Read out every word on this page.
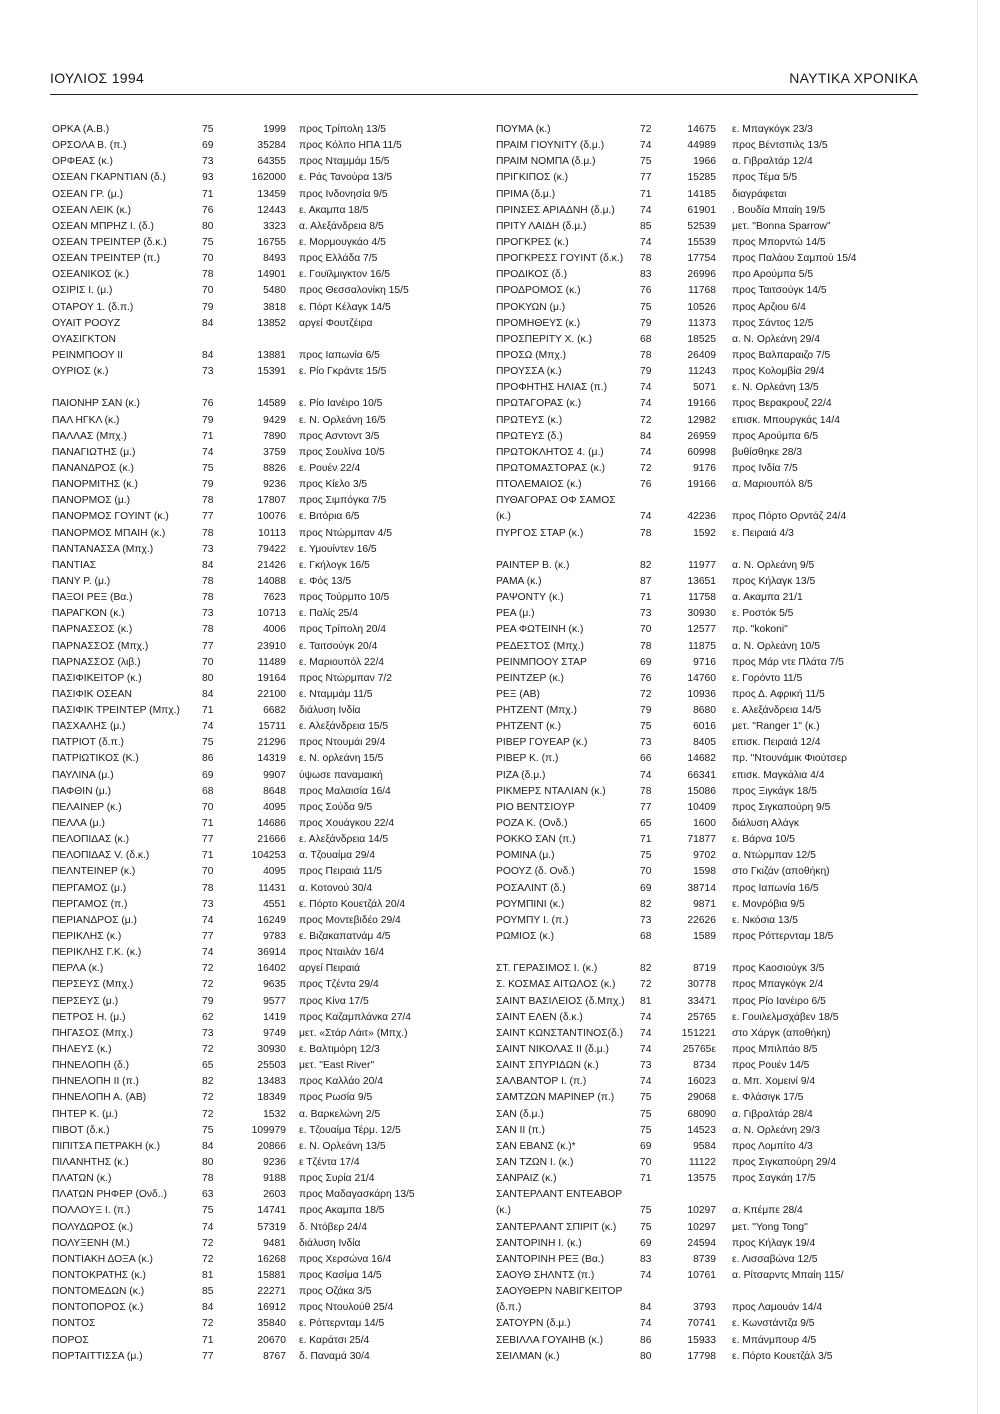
ΙΟΥΛΙΟΣ 1994	ΝΑΥΤΙΚΑ ΧΡΟΝΙΚΑ
ΟΡΚΑ (Α.Β.)	75	1999 προς Τρίπολη 13/5
ΟΡΣΟΛΑ Β. (π.)	69	35284 προς Κόλπο ΗΠΑ 11/5
ΟΡΦΕΑΣ (κ.)	73	64355 προς Νταμμάμ 15/5
ΟΣΕΑΝ ΓΚΑΡΝΤΙΑΝ (δ.)	93	162000 ε. Ράς Τανούρα 13/5
ΟΣΕΑΝ ΓΡ. (μ.)	71	13459 προς Ινδονησία 9/5
ΟΣΕΑΝ ΛΕΙΚ (κ.)	76	12443 ε. Ακαμπα 18/5
ΟΣΕΑΝ ΜΠΡΗΖ Ι. (δ.)	80	3323 α. Αλεξάνδρεια 8/5
ΟΣΕΑΝ ΤΡΕΙΝΤΕΡ (δ.κ.)	75	16755 ε. Μορμουγκάο 4/5
ΟΣΕΑΝ ΤΡΕΙΝΤΕΡ (π.)	70	8493 προς Ελλάδα 7/5
ΟΣΕΑΝΙΚΟΣ (κ.)	78	14901 ε. Γουϊλμιγκτον 16/5
ΟΣΙΡΙΣ Ι. (μ.)	70	5480 προς Θεσσαλονίκη 15/5
ΟΤΑΡΟΥ 1. (δ.π.)	79	3818 ε. Πόρτ Κέλαγκ 14/5
ΟΥΑΙΤ ΡΟΟΥΖ	84	13852 αργεί Φουτζέιρα
ΟΥΑΣΙΓΚΤΟΝ
ΡΕΙΝΜΠΟΟΥ ΙΙ	84	13881 προς Ιαπωνία 6/5
ΟΥΡΙΟΣ (κ.)	73	15391 ε. Ρίο Γκράντε 15/5
ΠΑΙΟΝΗΡ ΣΑΝ (κ.)	76	14589 ε. Ρίο Ιανέιρο 10/5
ΠΑΛ ΗΓΚΛ (κ.)	79	9429 ε. Ν. Ορλεάνη 16/5
ΠΑΛΛΑΣ (Μπχ.)	71	7890 προς Ασντοντ 3/5
ΠΑΝΑΓΙΩΤΗΣ (μ.)	74	3759 προς Σουλίνα 10/5
ΠΑΝΑΝΔΡΟΣ (κ.)	75	8826 ε. Ρουέν 22/4
ΠΑΝΟΡΜΙΤΗΣ (κ.)	79	9236 προς Κίελο 3/5
ΠΑΝΟΡΜΟΣ (μ.)	78	17807 προς Σιμπόγκα 7/5
ΠΑΝΟΡΜΟΣ ΓΟΥΙΝΤ (κ.)	77	10076 ε. Βιτόρια 6/5
ΠΑΝΟΡΜΟΣ ΜΠΑΙΗ (κ.)	78	10113 προς Ντώρμπαν 4/5
ΠΑΝΤΑΝΑΣΣΑ (Μπχ.)	73	79422 ε. Υμουίντεν 16/5
ΠΑΝΤΙΑΣ	84	21426 ε. Γκήλογκ 16/5
ΠΑΝΥ Ρ. (μ.)	78	14088 ε. Φός 13/5
ΠΑΞΟΙ ΡΕΞ (Βα.)	78	7623 προς Τούρμπο 10/5
ΠΑΡΑΓΚΟΝ (κ.)	73	10713 ε. Παλίς 25/4
ΠΑΡΝΑΣΣΟΣ (κ.)	78	4006 προς Τρίπολη 20/4
ΠΑΡΝΑΣΣΟΣ (Μπχ.)	77	23910 ε. Ταιτσούγκ 20/4
ΠΑΡΝΑΣΣΟΣ (λιβ.)	70	11489 ε. Μαριουπόλ 22/4
ΠΑΣΙΦΙΚΕΙΤΟΡ (κ.)	80	19164 προς Ντώρμπαν 7/2
ΠΑΣΙΦΙΚ ΟΣΕΑΝ	84	22100 ε. Νταμμάμ 11/5
ΠΑΣΙΦΙΚ ΤΡΕΙΝΤΕΡ (Μπχ.)	71	6682 διάλυση Ινδία
ΠΑΣΧΑΛΗΣ (μ.)	74	15711 ε. Αλεξάνδρεια 15/5
ΠΑΤΡΙΟΤ (δ.π.)	75	21296 προς Ντουμάι 29/4
ΠΑΤΡΙΩΤΙΚΟΣ (Κ.)	86	14319 ε. Ν. ορλεάνη 15/5
ΠΑΥΛΙΝΑ (μ.)	69	9907 ύψωσε παναμαική
ΠΑΦΘΙΝ (μ.)	68	8648 προς Μαλαισία 16/4
ΠΕΛΑΙΝΕΡ (κ.)	70	4095 προς Σούδα 9/5
ΠΕΛΛΑ (μ.)	71	14686 προς Χουάγκου 22/4
ΠΕΛΟΠΙΔΑΣ (κ.)	77	21666 ε. Αλεξάνδρεια 14/5
ΠΕΛΟΠΙΔΑΣ V. (δ.κ.)	71	104253 α. Τζουαίμα 29/4
ΠΕΛΝΤΕΙΝΕΡ (κ.)	70	4095 προς Πειραιά 11/5
ΠΕΡΓΑΜΟΣ (μ.)	78	11431 α. Κοτονού 30/4
ΠΕΡΓΑΜΟΣ (π.)	73	4551 ε. Πόρτο Κουετζάλ 20/4
ΠΕΡΙΑΝΔΡΟΣ (μ.)	74	16249 προς Μοντεβιδέο 29/4
ΠΕΡΙΚΛΗΣ (κ.)	77	9783 ε. Βιζακαπατνάμ 4/5
ΠΕΡΙΚΛΗΣ Γ.Κ. (κ.)	74	36914 προς Νταιλάν 16/4
ΠΕΡΛΑ (κ.)	72	16402 αργεί Πειραιά
ΠΕΡΣΕΥΣ (Μπχ.)	72	9635 προς Τζέντα 29/4
ΠΕΡΣΕΥΣ (μ.)	79	9577 προς Κίνα 17/5
ΠΕΤΡΟΣ Η. (μ.)	62	1419 προς Καζαμπλάνκα 27/4
ΠΗΓΑΣΟΣ (Μπχ.)	73	9749 μετ. «Στάρ Λάιτ» (Μπχ.)
ΠΗΛΕΥΣ (κ.)	72	30930 ε. Βαλτιμόρη 12/3
ΠΗΝΕΛΟΠΗ (δ.)	65	25503 μετ. "East River"
ΠΗΝΕΛΟΠΗ ΙΙ (π.)	82	13483 προς Καλλάο 20/4
ΠΗΝΕΛΟΠΗ Α. (ΑΒ)	72	18349 προς Ρωσία 9/5
ΠΗΤΕΡ Κ. (μ.)	72	1532 α. Βαρκελώνη 2/5
ΠΙΒΟΤ (δ.κ.)	75	109979 ε. Τζουαίμα Τέρμ. 12/5
ΠΙΠΙΤΣΑ ΠΕΤΡΑΚΗ (κ.)	84	20866 ε. Ν. Ορλεάνη 13/5
ΠΙΛΑΝΗΤΗΣ (κ.)	80	9236 ε Τζέντα 17/4
ΠΛΑΤΩΝ (κ.)	78	9188 προς Συρία 21/4
ΠΛΑΤΩΝ ΡΗΦΕΡ (Ονδ..)	63	2603 προς Μαδαγασκάρη 13/5
ΠΟΛΛΟΥΞ Ι. (π.)	75	14741 προς Ακαμπα 18/5
ΠΟΛΥΔΩΡΟΣ (κ.)	74	57319 δ. Ντόβερ 24/4
ΠΟΛΥΞΕΝΗ (Μ.)	72	9481 διάλυση Ινδία
ΠΟΝΤΙΑΚΗ ΔΟΞΑ (κ.)	72	16268 προς Χερσώνα 16/4
ΠΟΝΤΟΚΡΑΤΗΣ (κ.)	81	15881 προς Κασίμα 14/5
ΠΟΝΤΟΜΕΔΩΝ (κ.)	85	22271 προς Οζάκα 3/5
ΠΟΝΤΟΠΟΡΟΣ (κ.)	84	16912 προς Ντουλούθ 25/4
ΠΟΝΤΟΣ	72	35840 ε. Ρόττερνταμ 14/5
ΠΟΡΟΣ	71	20670 ε. Καράτσι 25/4
ΠΟΡΤΑΙΤΤΙΣΣΑ (μ.)	77	8767 δ. Παναμά 30/4
ΠΟΥΜΑ (κ.)	72	14675 ε. Μπαγκόγκ 23/3
ΠΡΑΙΜ ΓΙΟΥΝΙΤΥ (δ.μ.)	74	44989 προς Βέντσπιλς 13/5
ΠΡΑΙΜ ΝΟΜΠΑ (δ.μ.)	75	1966 α. Γιβραλτάρ 12/4
ΠΡΙΓΚΙΠΟΣ (κ.)	77	15285 προς Τέμα 5/5
ΠΡΙΜΑ (δ.μ.)	71	14185 διαγράφεται
ΠΡΙΝΣΕΣ ΑΡΙΑΔΝΗ (δ.μ.)	74	61901 . Βουδία Μπαίη 19/5
ΠΡΙΤΥ ΛΑΙΔΗ (δ.μ.)	85	52539 μετ. "Bonna Sparrow"
ΠΡΟΓΚΡΕΣ (κ.)	74	15539 προς Μπορντώ 14/5
ΠΡΟΓΚΡΕΣΣ ΓΟΥΙΝΤ (δ.κ.)	78	17754 προς Παλάου Σαμπού 15/4
ΠΡΟΔΙΚΟΣ (δ.)	83	26996 προ Αρούμπα 5/5
ΠΡΟΔΡΟΜΟΣ (κ.)	76	11768 προς Ταιτσούγκ 14/5
ΠΡΟΚΥΩΝ (μ.)	75	10526 προς Αρζιου 6/4
ΠΡΟΜΗΘΕΥΣ (κ.)	79	11373 προς Σάντος 12/5
ΠΡΟΣΠΕΡΙΤΥ Χ. (κ.)	68	18525 α. Ν. Ορλεάνη 29/4
ΠΡΟΣΩ (Μπχ.)	78	26409 προς Βαλπαραιζο 7/5
ΠΡΟΥΣΣΑ (κ.)	79	11243 προς Κολομβία 29/4
ΠΡΟΦΗΤΗΣ ΗΛΙΑΣ (π.)	74	5071 ε. Ν. Ορλεάνη 13/5
ΠΡΩΤΑΓΟΡΑΣ (κ.)	74	19166 προς Βερακρουζ 22/4
ΠΡΩΤΕΥΣ (κ.)	72	12982 επισκ. Μπουργκάς 14/4
ΠΡΩΤΕΥΣ (δ.)	84	26959 προς Αρούμπα 6/5
ΠΡΩΤΟΚΛΗΤΟΣ 4. (μ.)	74	60998 βυθίσθηκε 28/3
ΠΡΩΤΟΜΑΣΤΟΡΑΣ (κ.)	72	9176 προς Ινδία 7/5
ΠΤΟΛΕΜΑΙΟΣ (κ.)	76	19166 α. Μαριουπόλ 8/5
ΠΥΘΑΓΟΡΑΣ ΟΦ ΣΑΜΟΣ
(κ.)	74	42236 προς Πόρτο Ορντάζ 24/4
ΠΥΡΓΟΣ ΣΤΑΡ (κ.)	78	1592 ε. Πειραιά 4/3
ΡΑΙΝΤΕΡ Β. (κ.)	82	11977 α. Ν. Ορλεάνη 9/5
ΡΑΜΑ (κ.)	87	13651 προς Κήλαγκ 13/5
ΡΑΨΟΝΤΥ (κ.)	71	11758 α. Ακαμπα 21/1
ΡΕΑ (μ.)	73	30930 ε. Ροστόκ 5/5
ΡΕΑ ΦΩΤΕΙΝΗ (κ.)	70	12577 πρ. "kokoni"
ΡΕΔΕΣΤΟΣ (Μπχ.)	78	11875 α. Ν. Ορλεάνη 10/5
ΡΕΙΝΜΠΟΟΥ ΣΤΑΡ	69	9716 προς Μάρ ντε Πλάτα 7/5
ΡΕΙΝΤΖΕΡ (κ.)	76	14760 ε. Γορόντο 11/5
ΡΕΞ (ΑΒ)	72	10936 προς Δ. Αφρική 11/5
ΡΗΤΖΕΝΤ (Μπχ.)	79	8680 ε. Αλεξάνδρεια 14/5
ΡΗΤΖΕΝΤ (κ.)	75	6016 μετ. "Ranger 1" (κ.)
ΡΙΒΕΡ ΓΟΥΕΑΡ (κ.)	73	8405 επισκ. Πειραιά 12/4
ΡΙΒΕΡ Κ. (π.)	66	14682 πρ. "Ντουνάμικ Φιούτσερ
ΡΙΖΑ (δ.μ.)	74	66341 επισκ. Μαγκάλια 4/4
ΡΙΚΜΕΡΣ ΝΤΑΛΙΑΝ (κ.)	78	15086 προς Ξιγκάγκ 18/5
ΡΙΟ ΒΕΝΤΣΙΟΥΡ	77	10409 προς Σιγκαπούρη 9/5
ΡΟΖΑ Κ. (Ονδ.)	65	1600 διάλυση Αλάγκ
ΡΟΚΚΟ ΣΑΝ (π.)	71	71877 ε. Βάρνα 10/5
ΡΟΜΙΝΑ (μ.)	75	9702 α. Ντώρμπαν 12/5
ΡΟΟΥΖ (δ. Ονδ.)	70	1598 στο Γκιζάν (αποθήκη)
ΡΟΣΑΛΙΝΤ (δ.)	69	38714 προς Ιαπωνία 16/5
ΡΟΥΜΠΙΝΙ (κ.)	82	9871 ε. Μονρόβια 9/5
ΡΟΥΜΠΥ Ι. (π.)	73	22626 ε. Νκόσια 13/5
ΡΩΜΙΟΣ (κ.)	68	1589 προς Ρόττερνταμ 18/5
ΣΤ. ΓΕΡΑΣΙΜΟΣ Ι. (κ.)	82	8719 προς Κaοσιούγκ 3/5
Σ. ΚΟΣΜΑΣ ΑΙΤΩΛΟΣ (κ.)	72	30778 προς Μπαγκόγκ 2/4
ΣΑΙΝΤ ΒΑΣΙΛΕΙΟΣ (δ.Μπχ.)	81	33471 προς Ρίο Ιανέιρο 6/5
ΣΑΙΝΤ ΕΛΕΝ (δ.κ.)	74	25765 ε. Γουιλελμσχάβεν 18/5
ΣΑΙΝΤ ΚΩΝΣΤΑΝΤΙΝΟΣ(δ.)	74	151221 στο Χάργκ (αποθήκη)
ΣΑΙΝΤ ΝΙΚΟΛΑΣ ΙΙ (δ.μ.)	74	25765ε προς Μπιλπάο 8/5
ΣΑΙΝΤ ΣΠΥΡΙΔΩΝ (κ.)	73	8734 προς Ρουέν 14/5
ΣΑΛΒΑΝΤΟΡ Ι. (π.)	74	16023 α. Μπ. Χομεινί 9/4
ΣΑΜΤΖΩΝ ΜΑΡΙΝΕΡ (π.)	75	29068 ε. Φλάσιγκ 17/5
ΣΑΝ (δ.μ.)	75	68090 α. Γιβραλτάρ 28/4
ΣΑΝ ΙΙ (π.)	75	14523 α. Ν. Ορλεάνη 29/3
ΣΑΝ ΕΒΑΝΣ (κ.)*	69	9584 προς Λομπίτο 4/3
ΣΑΝ ΤΖΩΝ Ι. (κ.)	70	11122 προς Σιγκαπούρη 29/4
ΣΑΝΡΑΙΖ (κ.)	71	13575 προς Σαγκάη 17/5
ΣΑΝΤΕΡΛΑΝΤ ΕΝΤΕΑΒΟΡ
(κ.)	75	10297 α. Κπέμπε 28/4
ΣΑΝΤΕΡΛΑΝΤ ΣΠΙΡΙΤ (κ.)	75	10297 μετ. "Yong Tong"
ΣΑΝΤΟΡΙΝΗ Ι. (κ.)	69	24594 προς Κήλαγκ 19/4
ΣΑΝΤΟΡΙΝΗ ΡΕΞ (Βα.)	83	8739 ε. Λισσαβώνα 12/5
ΣΑΟΥΘ ΣΗΛΝΤΣ (π.)	74	10761 α. Ρίτσαρντς Μπαίη 115/
ΣΑΟΥΘΕΡΝ ΝΑΒΙΓΚΕΙΤΟΡ
(δ.π.)	84	3793 προς Λαμουάν 14/4
ΣΑΤΟΥΡΝ (δ.μ.)	74	70741 ε. Κωνστάντζα 9/5
ΣΕΒΙΛΛΑ ΓΟΥΑΙΗΒ (κ.)	86	15933 ε. Μπάνμπουρ 4/5
ΣΕΙΛΜΑΝ (κ.)	80	17798 ε. Πόρτο Κουετζάλ 3/5
